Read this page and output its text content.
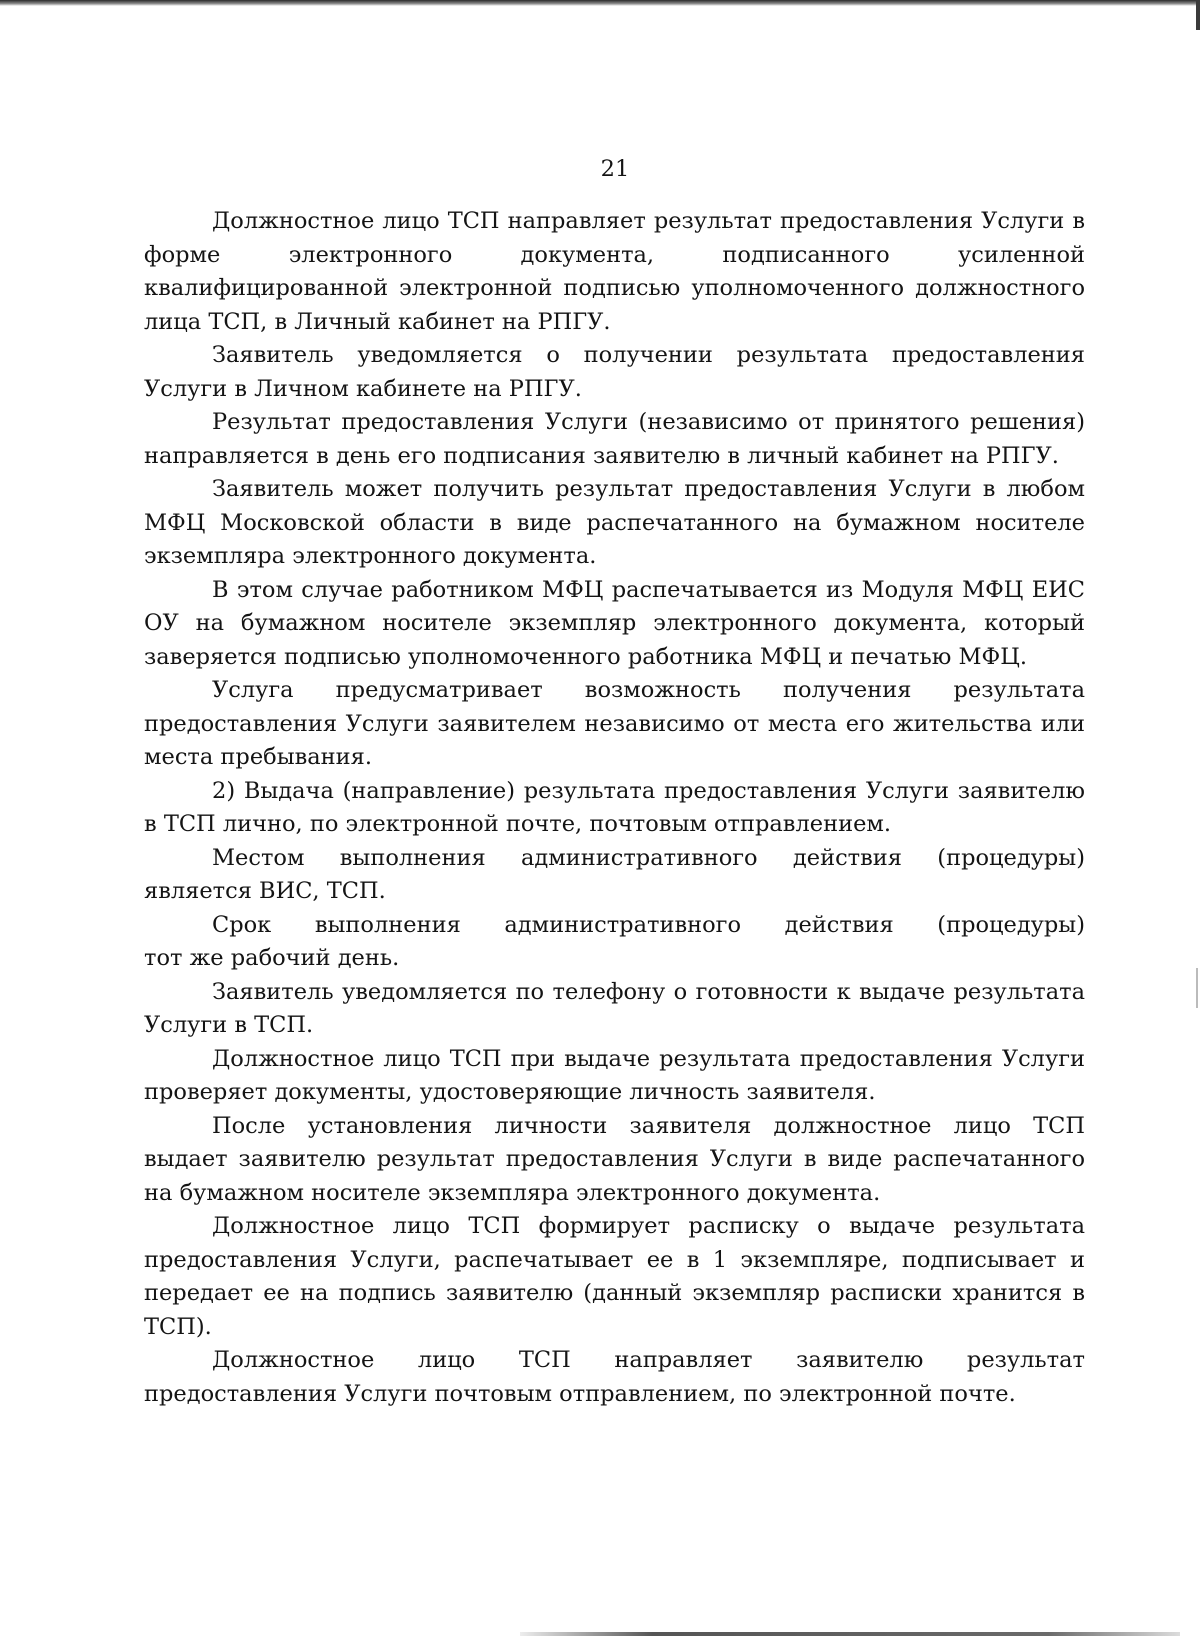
21

Должностное лицо ТСП направляет результат предоставления Услуги в форме электронного документа, подписанного усиленной квалифицированной электронной подписью уполномоченного должностного лица ТСП, в Личный кабинет на РПГУ.

Заявитель уведомляется о получении результата предоставления Услуги в Личном кабинете на РПГУ.

Результат предоставления Услуги (независимо от принятого решения) направляется в день его подписания заявителю в личный кабинет на РПГУ.

Заявитель может получить результат предоставления Услуги в любом МФЦ Московской области в виде распечатанного на бумажном носителе экземпляра электронного документа.

В этом случае работником МФЦ распечатывается из Модуля МФЦ ЕИС ОУ на бумажном носителе экземпляр электронного документа, который заверяется подписью уполномоченного работника МФЦ и печатью МФЦ.

Услуга предусматривает возможность получения результата предоставления Услуги заявителем независимо от места его жительства или места пребывания.

2) Выдача (направление) результата предоставления Услуги заявителю в ТСП лично, по электронной почте, почтовым отправлением.

Местом выполнения административного действия (процедуры) является ВИС, ТСП.

Срок выполнения административного действия (процедуры)

тот же рабочий день.

Заявитель уведомляется по телефону о готовности к выдаче результата Услуги в ТСП.

Должностное лицо ТСП при выдаче результата предоставления Услуги проверяет документы, удостоверяющие личность заявителя.

После установления личности заявителя должностное лицо ТСП выдает заявителю результат предоставления Услуги в виде распечатанного на бумажном носителе экземпляра электронного документа.

Должностное лицо ТСП формирует расписку о выдаче результата предоставления Услуги, распечатывает ее в 1 экземпляре, подписывает и передает ее на подпись заявителю (данный экземпляр расписки хранится в ТСП).

Должностное лицо ТСП направляет заявителю результат предоставления Услуги почтовым отправлением, по электронной почте.
